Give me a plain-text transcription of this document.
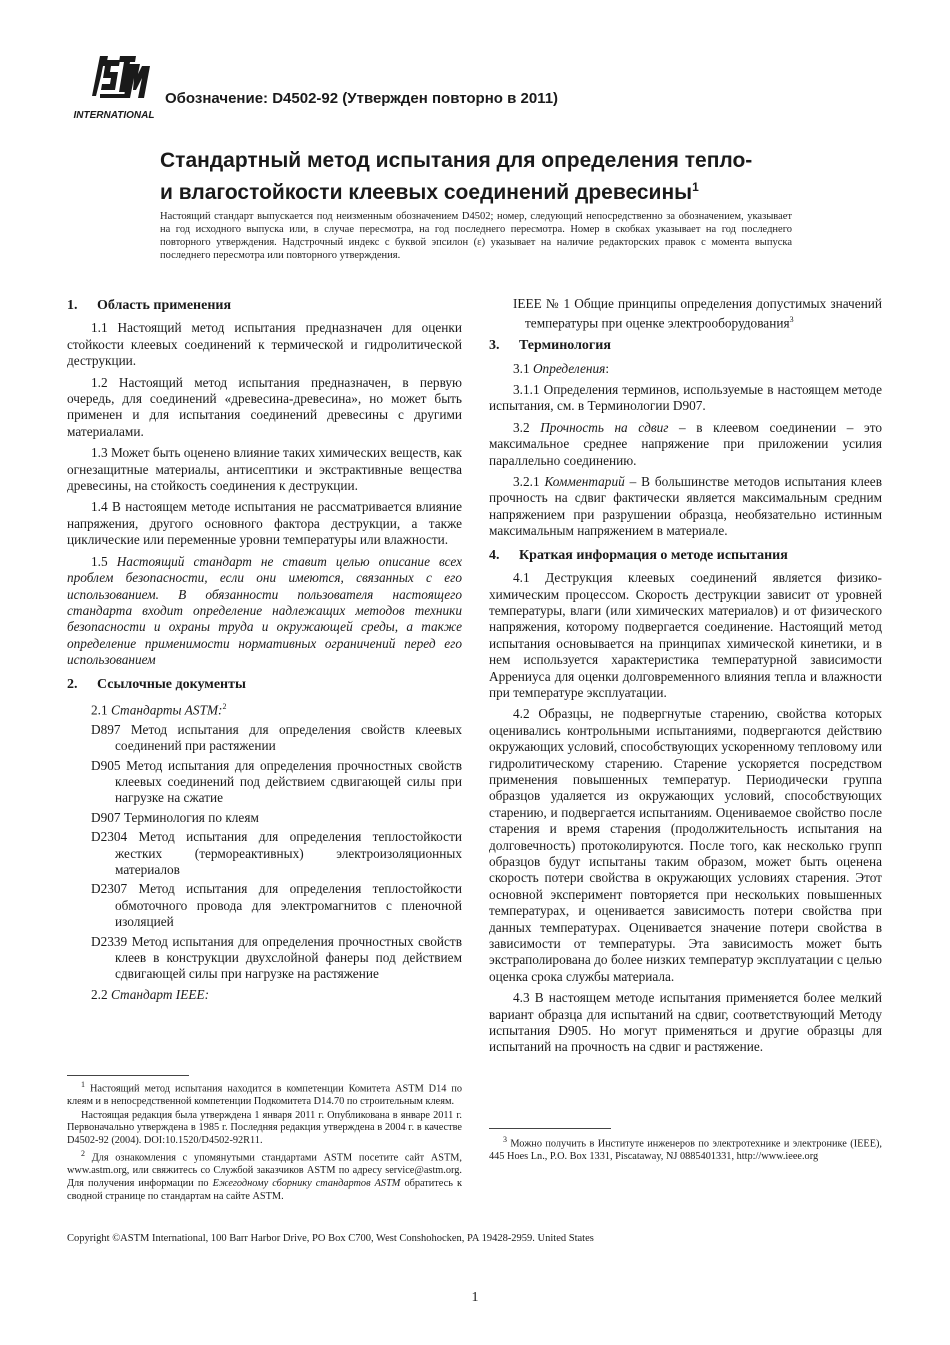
INTERNATIONAL
Обозначение: D4502-92 (Утвержден повторно в 2011)
Стандартный метод испытания для определения тепло-
и влагостойкости клеевых соединений древесины$^1$
Настоящий стандарт выпускается под неизменным обозначением D4502; номер, следующий непосредственно за обозначением, указывает на год исходного выпуска или, в случае пересмотра, на год последнего пересмотра. Номер в скобках указывает на год последнего повторного утверждения. Надстрочный индекс с буквой эпсилон (ε) указывает на наличие редакторских правок с момента выпуска последнего пересмотра или повторного утверждения.
1. Область применения

1.1 Настоящий метод испытания предназначен для оценки стойкости клеевых соединений к термической и гидролитической деструкции.

1.2 Настоящий метод испытания предназначен, в первую очередь, для соединений «древесина-древесина», но может быть применен и для испытания соединений древесины с другими материалами.

1.3 Может быть оценено влияние таких химических веществ, как огнезащитные материалы, антисептики и экстрактивные вещества древесины, на стойкость соединения к деструкции.

1.4 В настоящем методе испытания не рассматривается влияние напряжения, другого основного фактора деструкции, а также циклические или переменные уровни температуры или влажности.

1.5 Настоящий стандарт не ставит целью описание всех проблем безопасности, если они имеются, связанных с его использованием. В обязанности пользователя настоящего стандарта входит определение надлежащих методов техники безопасности и охраны труда и окружающей среды, а также определение применимости нормативных ограничений перед его использованием

2. Ссылочные документы
2.1 Стандарты ASTM:$^2$
D897 Метод испытания для определения свойств клеевых соединений при растяжении
D905 Метод испытания для определения прочностных свойств клеевых соединений под действием сдвигающей силы при нагрузке на сжатие
D907 Терминология по клеям
D2304 Метод испытания для определения теплостойкости жестких (термореактивных) электроизоляционных материалов
D2307 Метод испытания для определения теплостойкости обмоточного провода для электромагнитов с пленочной изоляцией
D2339 Метод испытания для определения прочностных свойств клеев в конструкции двухслойной фанеры под действием сдвигающей силы при нагрузке на растяжение
2.2 Стандарт IEEE:
IEEE № 1 Общие принципы определения допустимых значений температуры при оценке электрооборудования$^3$
3. Терминология

3.1 Определения:

3.1.1 Определения терминов, используемые в настоящем методе испытания, см. в Терминологии D907.

3.2 Прочность на сдвиг – в клеевом соединении – это максимальное среднее напряжение при приложении усилия параллельно соединению.

3.2.1 Комментарий – В большинстве методов испытания клеев прочность на сдвиг фактически является максимальным средним напряжением при разрушении образца, необязательно истинным максимальным напряжением в материале.

4. Краткая информация о методе испытания

4.1 Деструкция клеевых соединений является физико-химическим процессом. Скорость деструкции зависит от уровней температуры, влаги (или химических материалов) и от физического напряжения, которому подвергается соединение. Настоящий метод испытания основывается на принципах химической кинетики, и в нем используется характеристика температурной зависимости Аррениуса для оценки долговременного влияния тепла и влажности при температуре эксплуатации.

4.2 Образцы, не подвергнутые старению, свойства которых оценивались контрольными испытаниями, подвергаются действию окружающих условий, способствующих ускоренному тепловому или гидролитическому старению. Старение ускоряется посредством применения повышенных температур. Периодически группа образцов удаляется из окружающих условий, способствующих старению, и подвергается испытаниям. Оцениваемое свойство после старения и время старения (продолжительность испытания на долговечность) протоколируются. После того, как несколько групп образцов будут испытаны таким образом, может быть оценена скорость потери свойства в окружающих условиях старения. Этот основной эксперимент повторяется при нескольких повышенных температурах, и оценивается зависимость потери свойства при данных температурах. Оценивается значение потери свойства в зависимости от температуры. Эта зависимость может быть экстраполирована до более низких температур эксплуатации с целью оценка срока службы материала.

4.3 В настоящем методе испытания применяется более мелкий вариант образца для испытаний на сдвиг, соответствующий Методу испытания D905. Но могут применяться и другие образцы для испытаний на прочность на сдвиг и растяжение.

$^1$ Настоящий метод испытания находится в компетенции Комитета ASTM D14 по клеям и в непосредственной компетенции Подкомитета D14.70 по строительным клеям.

Настоящая редакция была утверждена 1 января 2011 г. Опубликована в январе 2011 г. Первоначально утверждена в 1985 г. Последняя редакция утверждена в 2004 г. в качестве D4502-92 (2004). DOI:10.1520/D4502-92R11.

$^2$ Для ознакомления с упомянутыми стандартами ASTM посетите сайт ASTM, www.astm.org, или свяжитесь со Службой заказчиков ASTM по адресу service@astm.org. Для получения информации по Ежегодному сборнику стандартов ASTM обратитесь к сводной странице по стандартам на сайте ASTM.

$^3$ Можно получить в Институте инженеров по электротехнике и электронике (IEEE), 445 Hoes Ln., P.O. Box 1331, Piscataway, NJ 0885401331, http://www.ieee.org

Copyright ©ASTM International, 100 Barr Harbor Drive, PO Box C700, West Conshohocken, PA 19428-2959. United States
1
